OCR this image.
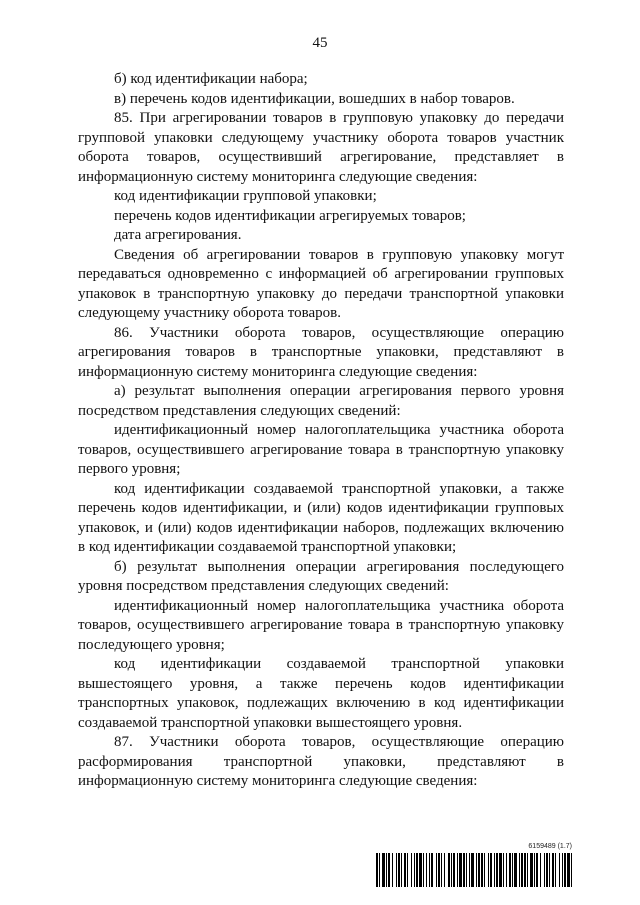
45

б) код идентификации набора;

в) перечень кодов идентификации, вошедших в набор товаров.

85. При агрегировании товаров в групповую упаковку до передачи групповой упаковки следующему участнику оборота товаров участник оборота товаров, осуществивший агрегирование, представляет в информационную систему мониторинга следующие сведения:

код идентификации групповой упаковки;

перечень кодов идентификации агрегируемых товаров;

дата агрегирования.

Сведения об агрегировании товаров в групповую упаковку могут передаваться одновременно с информацией об агрегировании групповых упаковок в транспортную упаковку до передачи транспортной упаковки следующему участнику оборота товаров.

86. Участники оборота товаров, осуществляющие операцию агрегирования товаров в транспортные упаковки, представляют в информационную систему мониторинга следующие сведения:

а) результат выполнения операции агрегирования первого уровня посредством представления следующих сведений:

идентификационный номер налогоплательщика участника оборота товаров, осуществившего агрегирование товара в транспортную упаковку первого уровня;

код идентификации создаваемой транспортной упаковки, а также перечень кодов идентификации, и (или) кодов идентификации групповых упаковок, и (или) кодов идентификации наборов, подлежащих включению в код идентификации создаваемой транспортной упаковки;

б) результат выполнения операции агрегирования последующего уровня посредством представления следующих сведений:

идентификационный номер налогоплательщика участника оборота товаров, осуществившего агрегирование товара в транспортную упаковку последующего уровня;

код идентификации создаваемой транспортной упаковки вышестоящего уровня, а также перечень кодов идентификации транспортных упаковок, подлежащих включению в код идентификации создаваемой транспортной упаковки вышестоящего уровня.

87. Участники оборота товаров, осуществляющие операцию расформирования транспортной упаковки, представляют в информационную систему мониторинга следующие сведения:

6159489 (1.7)
